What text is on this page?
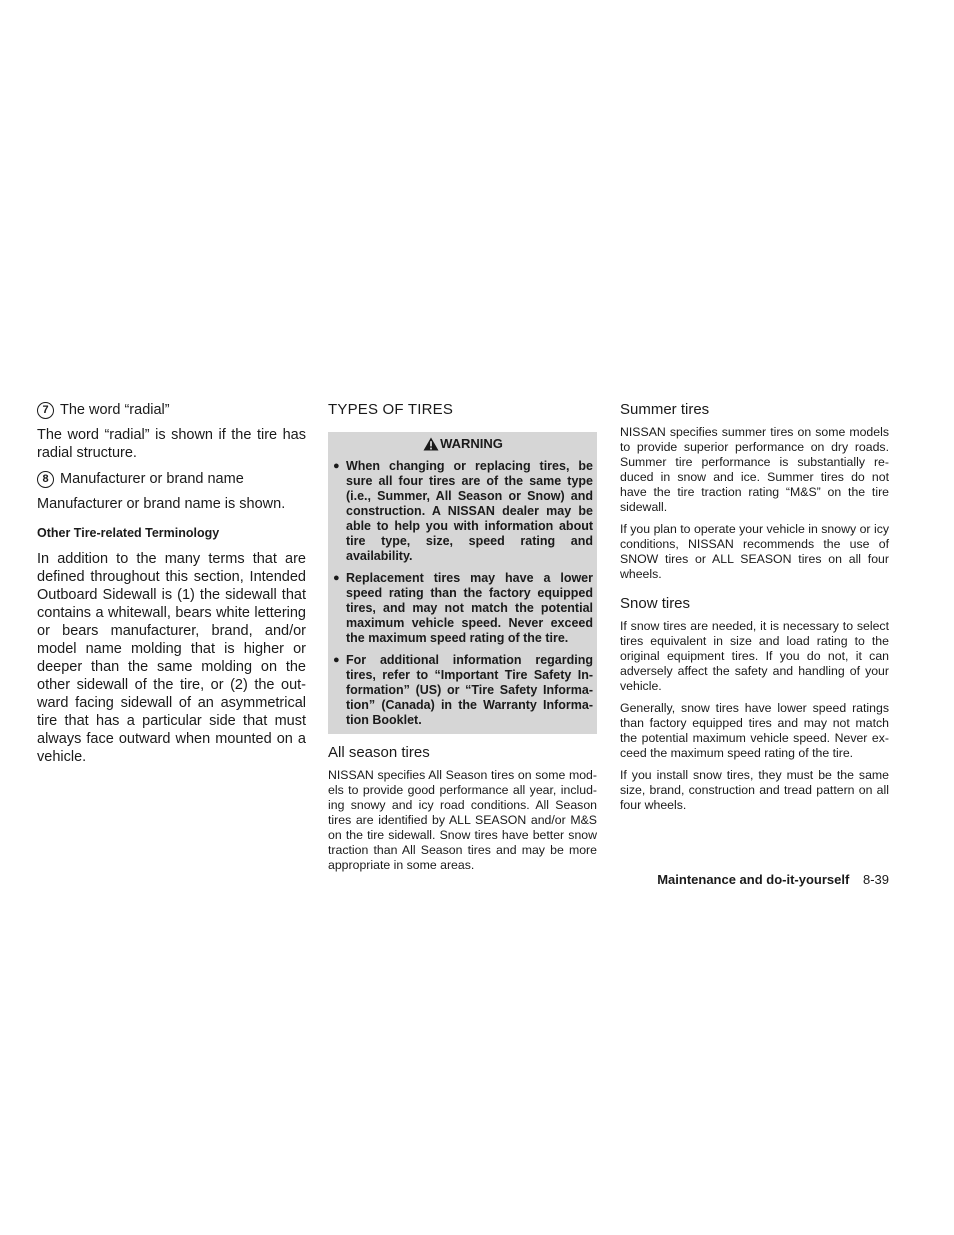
7 The word “radial”

The word “radial” is shown if the tire has radial structure.

8 Manufacturer or brand name

Manufacturer or brand name is shown.

Other Tire-related Terminology

In addition to the many terms that are defined throughout this section, Intended Outboard Sidewall is (1) the sidewall that contains a whitewall, bears white lettering or bears manufacturer, brand, and/or model name molding that is higher or deeper than the same molding on the other sidewall of the tire, or (2) the out-ward facing sidewall of an asymmetrical tire that has a particular side that must always face outward when mounted on a vehicle.

TYPES OF TIRES
WARNING
● When changing or replacing tires, be sure all four tires are of the same type (i.e., Summer, All Season or Snow) and construction. A NISSAN dealer may be able to help you with information about tire type, size, speed rating and availability.
● Replacement tires may have a lower speed rating than the factory equipped tires, and may not match the potential maximum vehicle speed. Never exceed the maximum speed rating of the tire.
● For additional information regarding tires, refer to “Important Tire Safety In-formation” (US) or “Tire Safety Informa-tion” (Canada) in the Warranty Informa-tion Booklet.
All season tires

NISSAN specifies All Season tires on some mod-els to provide good performance all year, includ-ing snowy and icy road conditions. All Season tires are identified by ALL SEASON and/or M&S on the tire sidewall. Snow tires have better snow traction than All Season tires and may be more appropriate in some areas.

Summer tires

NISSAN specifies summer tires on some models to provide superior performance on dry roads. Summer tire performance is substantially re-duced in snow and ice. Summer tires do not have the tire traction rating “M&S” on the tire sidewall.

If you plan to operate your vehicle in snowy or icy conditions, NISSAN recommends the use of SNOW tires or ALL SEASON tires on all four wheels.

Snow tires

If snow tires are needed, it is necessary to select tires equivalent in size and load rating to the original equipment tires. If you do not, it can adversely affect the safety and handling of your vehicle.

Generally, snow tires have lower speed ratings than factory equipped tires and may not match the potential maximum vehicle speed. Never ex-ceed the maximum speed rating of the tire.

If you install snow tires, they must be the same size, brand, construction and tread pattern on all four wheels.

Maintenance and do-it-yourself 8-39
